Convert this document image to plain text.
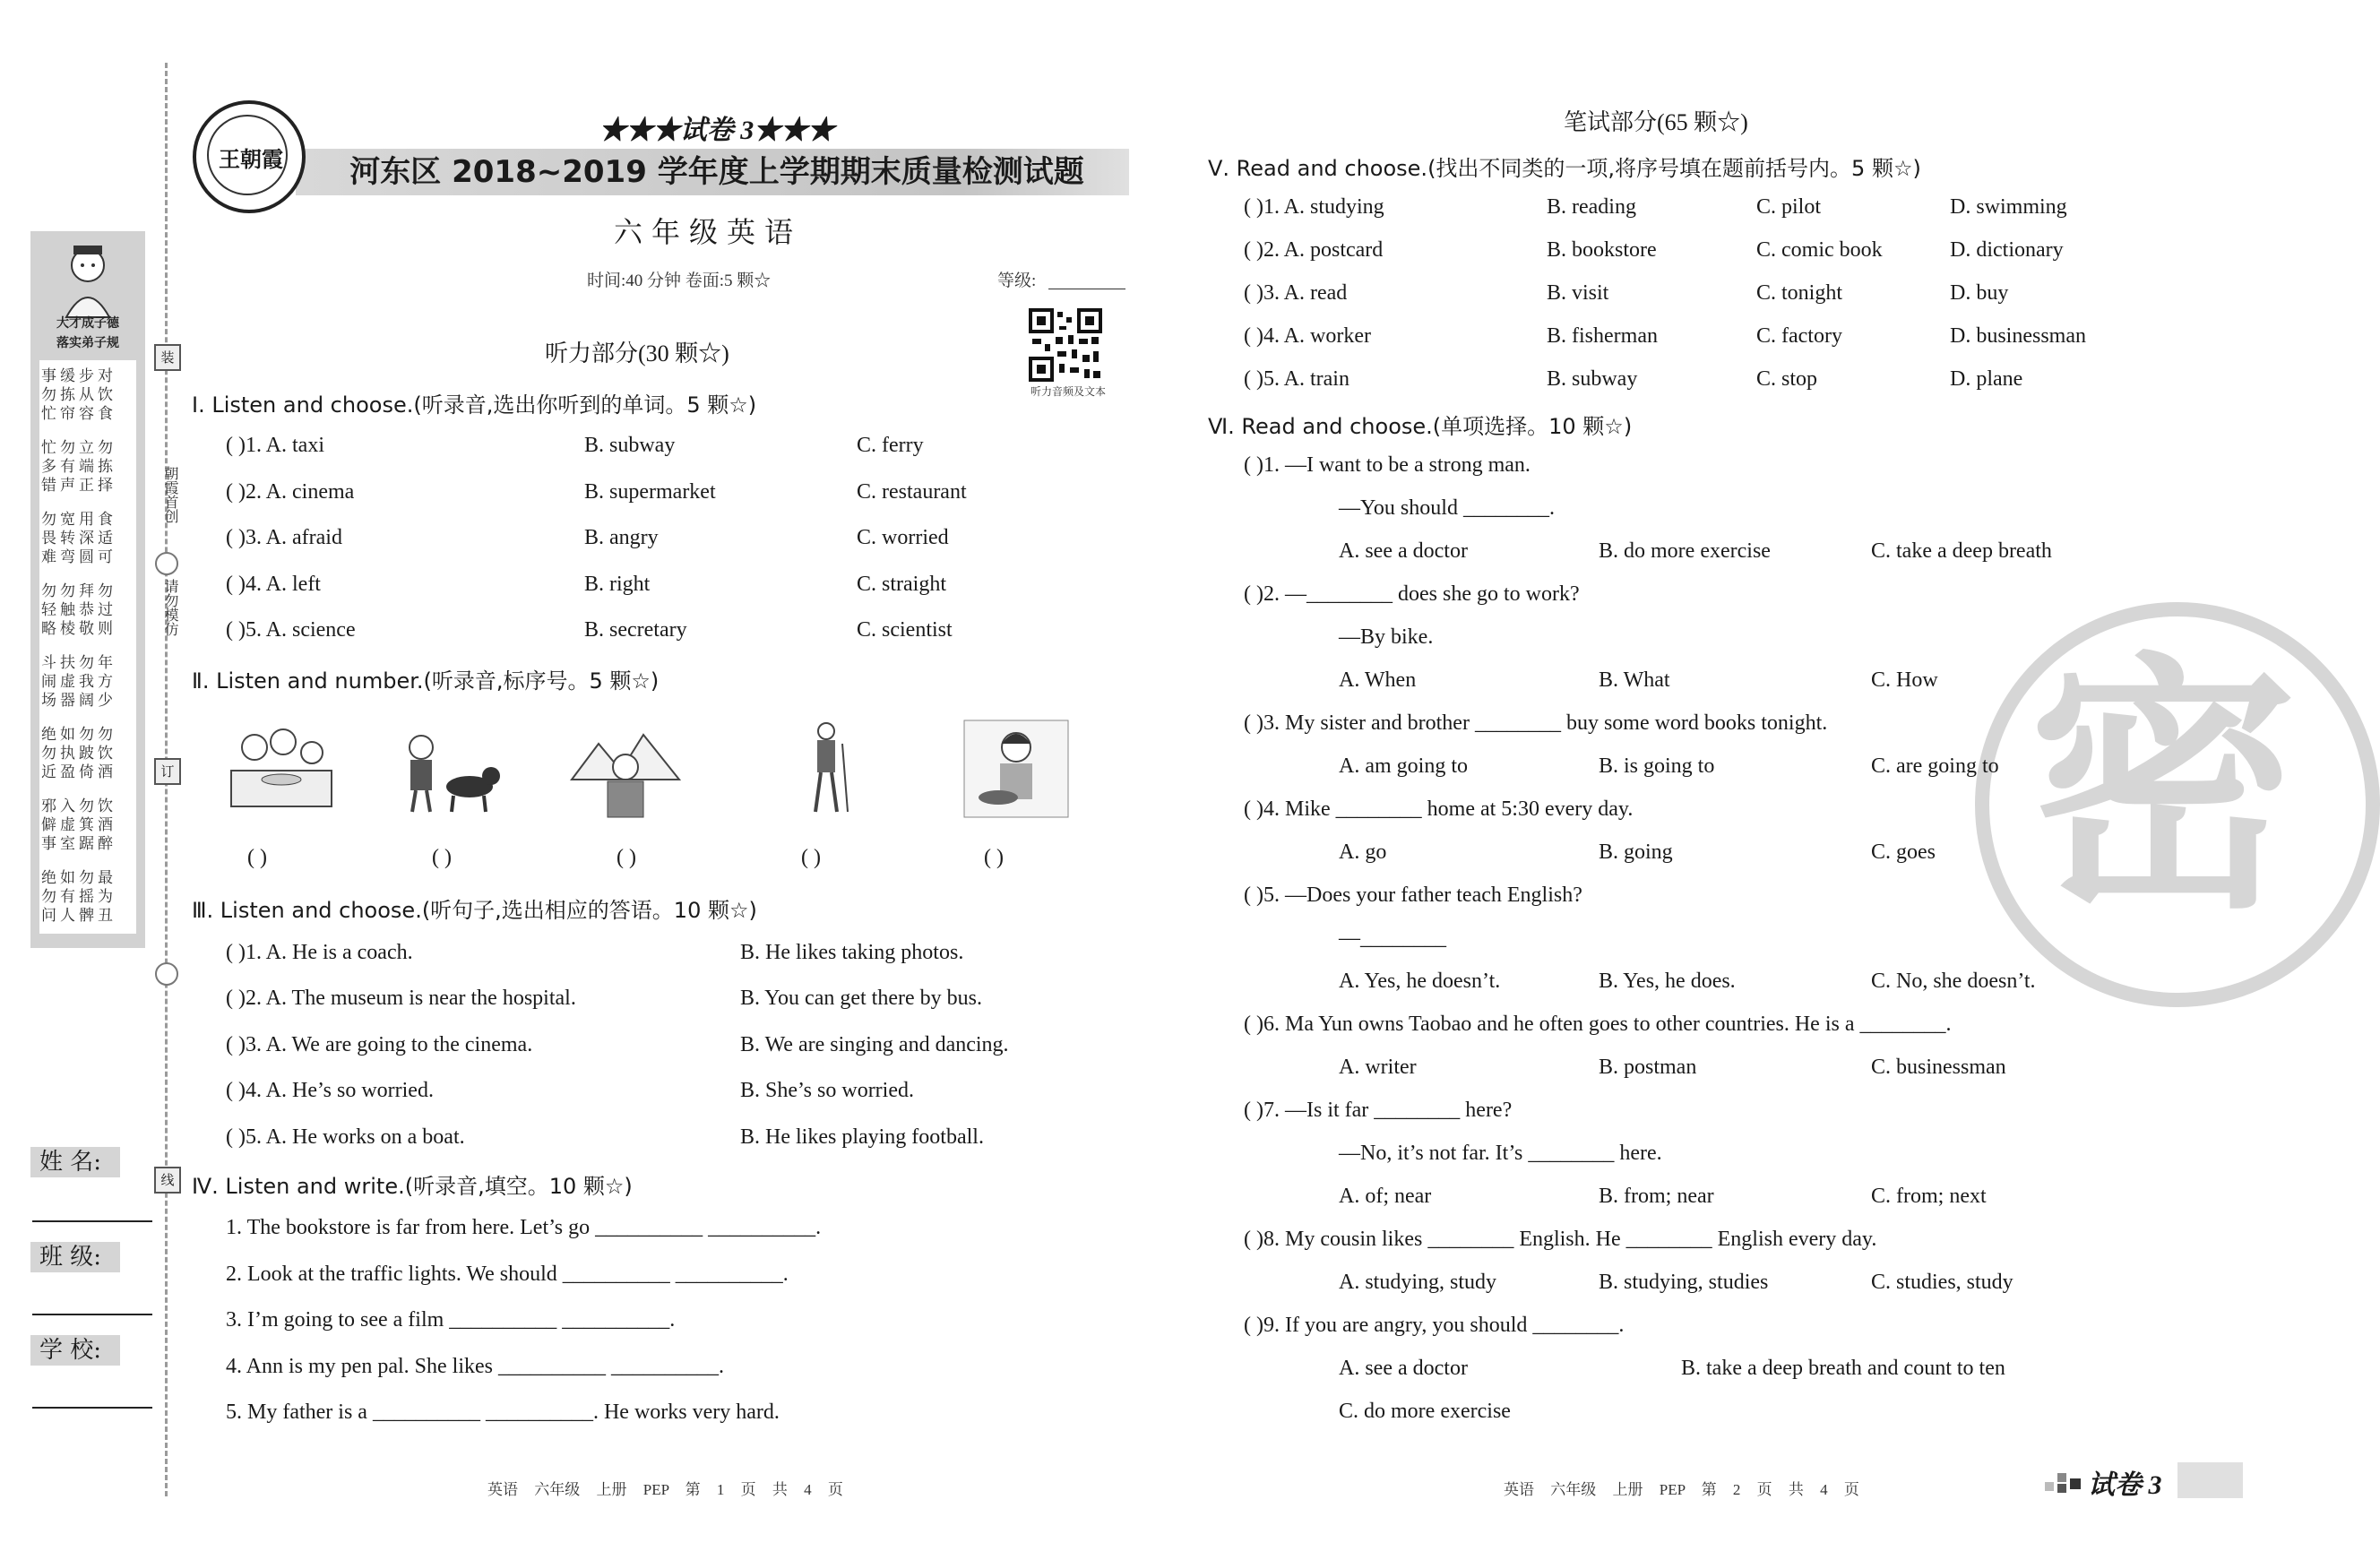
大才成子德
落实弟子规
事缓步对
勿拣从饮
忙帘容食
忙勿立勿
多有端拣
错声正择
勿宽用食
畏转深适
难弯圆可
勿勿拜勿
轻触恭过
略棱敬则
斗扶勿年
闹虚我方
场器阔少
绝如勿勿
勿执跛饮
近盈倚酒
邪入勿饮
僻虚箕酒
事室踞醉
绝如勿最
勿有摇为
问人髀丑
姓 名:
班 级:
学 校:
装
朝霞首创
请勿模仿
订
线
王朝霞
★★★试卷 3★★★
河东区 2018~2019 学年度上学期期末质量检测试题
六年级英语
时间:40 分钟 卷面:5 颗☆	等级:
听力音频及文本
听力部分(30 颗☆)
Ⅰ. Listen and choose.(听录音,选出你听到的单词。5 颗☆)
( )1. A. taxi	B. subway	C. ferry
( )2. A. cinema	B. supermarket	C. restaurant
( )3. A. afraid	B. angry	C. worried
( )4. A. left	B. right	C. straight
( )5. A. science	B. secretary	C. scientist
Ⅱ. Listen and number.(听录音,标序号。5 颗☆)
( )	( )	( )	( )	( )
Ⅲ. Listen and choose.(听句子,选出相应的答语。10 颗☆)
( )1. A. He is a coach.	B. He likes taking photos.
( )2. A. The museum is near the hospital.	B. You can get there by bus.
( )3. A. We are going to the cinema.	B. We are singing and dancing.
( )4. A. He’s so worried.	B. She’s so worried.
( )5. A. He works on a boat.	B. He likes playing football.
Ⅳ. Listen and write.(听录音,填空。10 颗☆)
1. The bookstore is far from here. Let’s go __________ __________.
2. Look at the traffic lights. We should __________ __________.
3. I’m going to see a film __________ __________.
4. Ann is my pen pal. She likes __________ __________.
5. My father is a __________ __________. He works very hard.
英语 六年级 上册 PEP 第 1 页 共 4 页
密
笔试部分(65 颗☆)
Ⅴ. Read and choose.(找出不同类的一项,将序号填在题前括号内。5 颗☆)
( )1. A. studying	B. reading	C. pilot	D. swimming
( )2. A. postcard	B. bookstore	C. comic book	D. dictionary
( )3. A. read	B. visit	C. tonight	D. buy
( )4. A. worker	B. fisherman	C. factory	D. businessman
( )5. A. train	B. subway	C. stop	D. plane
Ⅵ. Read and choose.(单项选择。10 颗☆)
( )1. —I want to be a strong man.
—You should ________.
A. see a doctor	B. do more exercise	C. take a deep breath
( )2. —________ does she go to work?
—By bike.
A. When	B. What	C. How
( )3. My sister and brother ________ buy some word books tonight.
A. am going to	B. is going to	C. are going to
( )4. Mike ________ home at 5:30 every day.
A. go	B. going	C. goes
( )5. —Does your father teach English?
—________
A. Yes, he doesn’t.	B. Yes, he does.	C. No, she doesn’t.
( )6. Ma Yun owns Taobao and he often goes to other countries. He is a ________.
A. writer	B. postman	C. businessman
( )7. —Is it far ________ here?
—No, it’s not far. It’s ________ here.
A. of; near	B. from; near	C. from; next
( )8. My cousin likes ________ English. He ________ English every day.
A. studying, study	B. studying, studies	C. studies, study
( )9. If you are angry, you should ________.
A. see a doctor	B. take a deep breath and count to ten
C. do more exercise
英语 六年级 上册 PEP 第 2 页 共 4 页	试卷 3
